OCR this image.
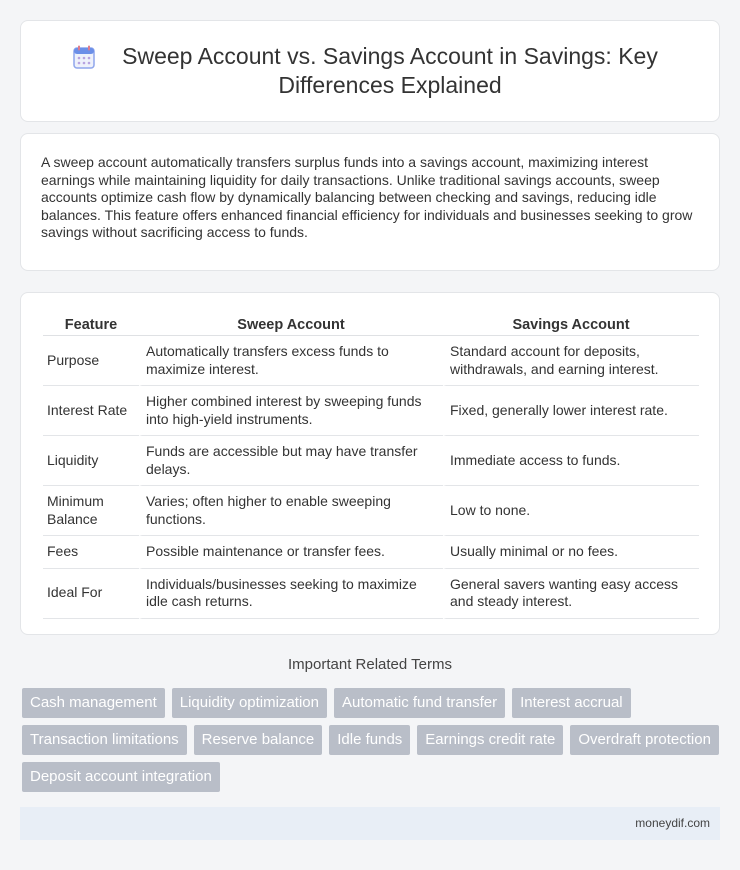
Sweep Account vs. Savings Account in Savings: Key Differences Explained

A sweep account automatically transfers surplus funds into a savings account, maximizing interest earnings while maintaining liquidity for daily transactions. Unlike traditional savings accounts, sweep accounts optimize cash flow by dynamically balancing between checking and savings, reducing idle balances. This feature offers enhanced financial efficiency for individuals and businesses seeking to grow savings without sacrificing access to funds.

Feature	Sweep Account	Savings Account
Purpose	Automatically transfers excess funds to maximize interest.	Standard account for deposits, withdrawals, and earning interest.
Interest Rate	Higher combined interest by sweeping funds into high-yield instruments.	Fixed, generally lower interest rate.
Liquidity	Funds are accessible but may have transfer delays.	Immediate access to funds.
Minimum Balance	Varies; often higher to enable sweeping functions.	Low to none.
Fees	Possible maintenance or transfer fees.	Usually minimal or no fees.
Ideal For	Individuals/businesses seeking to maximize idle cash returns.	General savers wanting easy access and steady interest.
Important Related Terms
Cash management	Liquidity optimization	Automatic fund transfer	Interest accrual
Transaction limitations	Reserve balance	Idle funds	Earnings credit rate	Overdraft protection
Deposit account integration
moneydif.com
